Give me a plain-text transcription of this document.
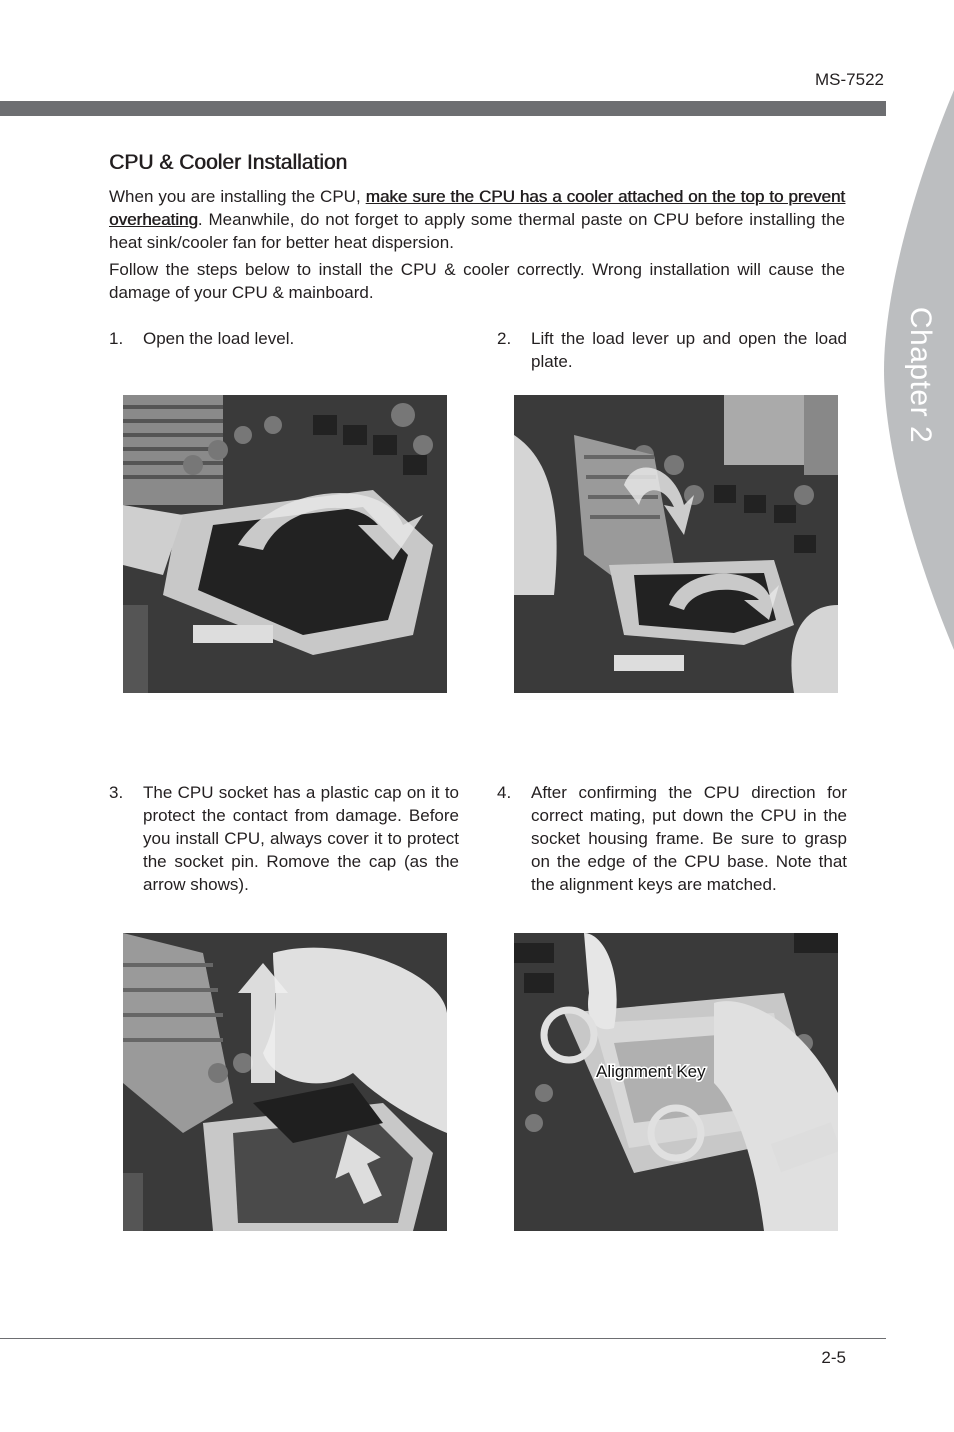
MS-7522
Chapter 2
CPU & Cooler Installation

When you are installing the CPU, make sure the CPU has a cooler attached on the top to prevent overheating. Meanwhile, do not forget to apply some thermal paste on CPU before installing the heat sink/cooler fan for better heat dispersion.

Follow the steps below to install the CPU & cooler correctly. Wrong installation will cause the damage of your CPU & mainboard.

1. Open the load level.	2. Lift the load lever up and open the load plate.
3. The CPU socket has a plastic cap on it to protect the contact from damage. Before you install CPU, always cover it to protect the socket pin. Romove the cap (as the arrow shows).
4. After confirming the CPU direction for correct mating, put down the CPU in the socket housing frame. Be sure to grasp on the edge of the CPU base. Note that the alignment keys are matched.
Alignment Key
2-5
